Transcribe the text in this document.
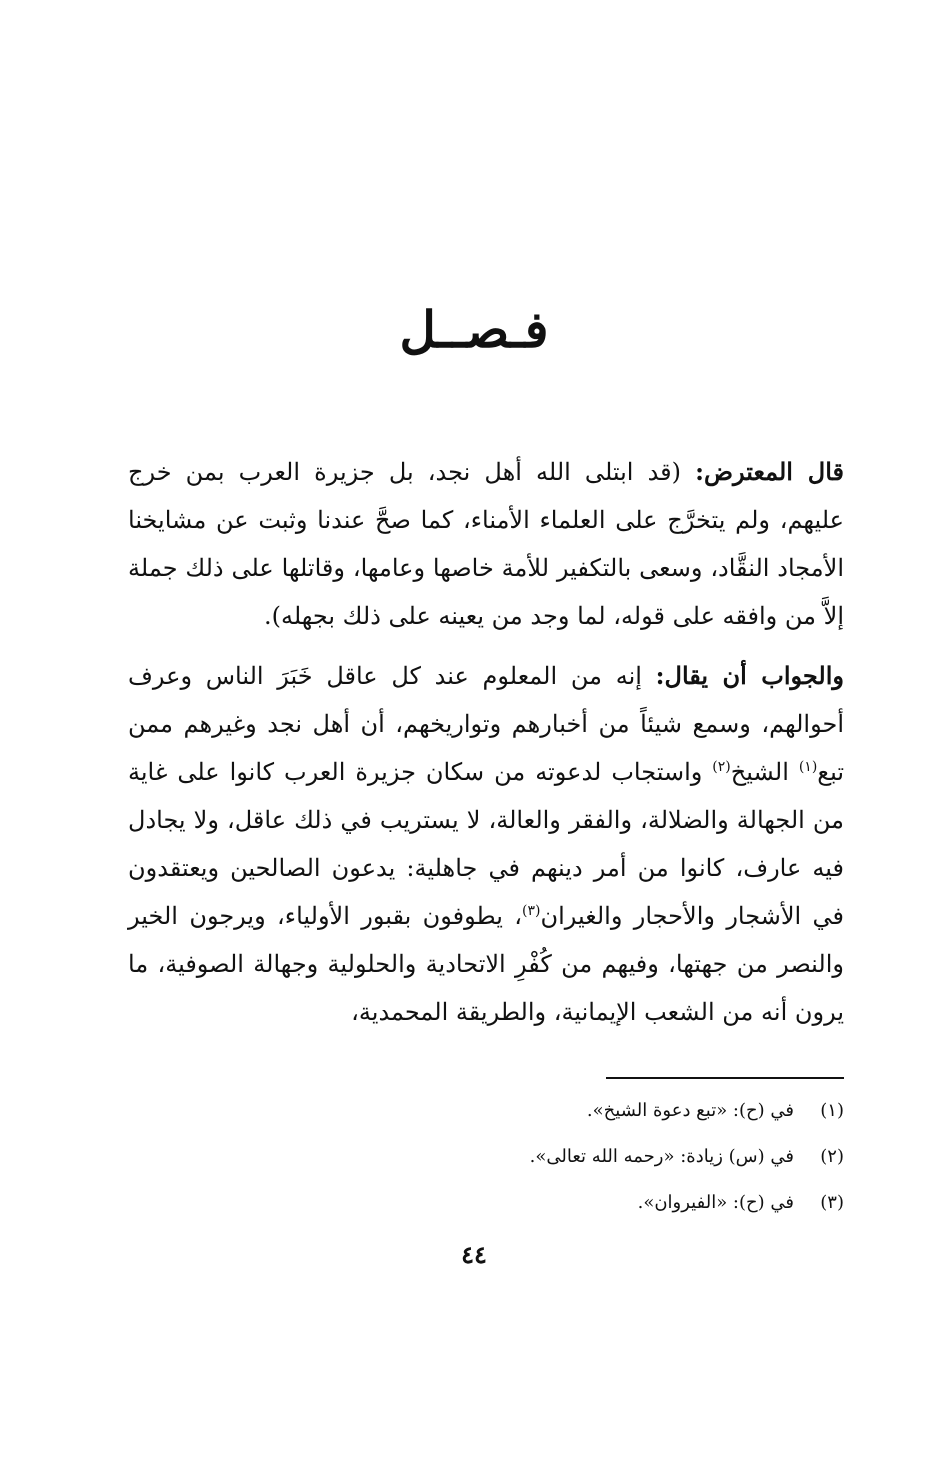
فـصــل

قال المعترض: (قد ابتلى الله أهل نجد، بل جزيرة العرب بمن خرج عليهم، ولم يتخرَّج على العلماء الأمناء، كما صحَّ عندنا وثبت عن مشايخنا الأمجاد النقَّاد، وسعى بالتكفير للأمة خاصها وعامها، وقاتلها على ذلك جملة إلاَّ من وافقه على قوله، لما وجد من يعينه على ذلك بجهله).

والجواب أن يقال: إنه من المعلوم عند كل عاقل خَبَرَ الناس وعرف أحوالهم، وسمع شيئاً من أخبارهم وتواريخهم، أن أهل نجد وغيرهم ممن تبع$^{(١)}$ الشيخ$^{(٢)}$ واستجاب لدعوته من سكان جزيرة العرب كانوا على غاية من الجهالة والضلالة، والفقر والعالة، لا يستريب في ذلك عاقل، ولا يجادل فيه عارف، كانوا من أمر دينهم في جاهلية: يدعون الصالحين ويعتقدون في الأشجار والأحجار والغيران$^{(٣)}$، يطوفون بقبور الأولياء، ويرجون الخير والنصر من جهتها، وفيهم من كُفْرِ الاتحادية والحلولية وجهالة الصوفية، ما يرون أنه من الشعب الإيمانية، والطريقة المحمدية،

(١)في (ح): «تبع دعوة الشيخ».
(٢)في (س) زيادة: «رحمه الله تعالى».
(٣)في (ح): «الفيروان».
٤٤
